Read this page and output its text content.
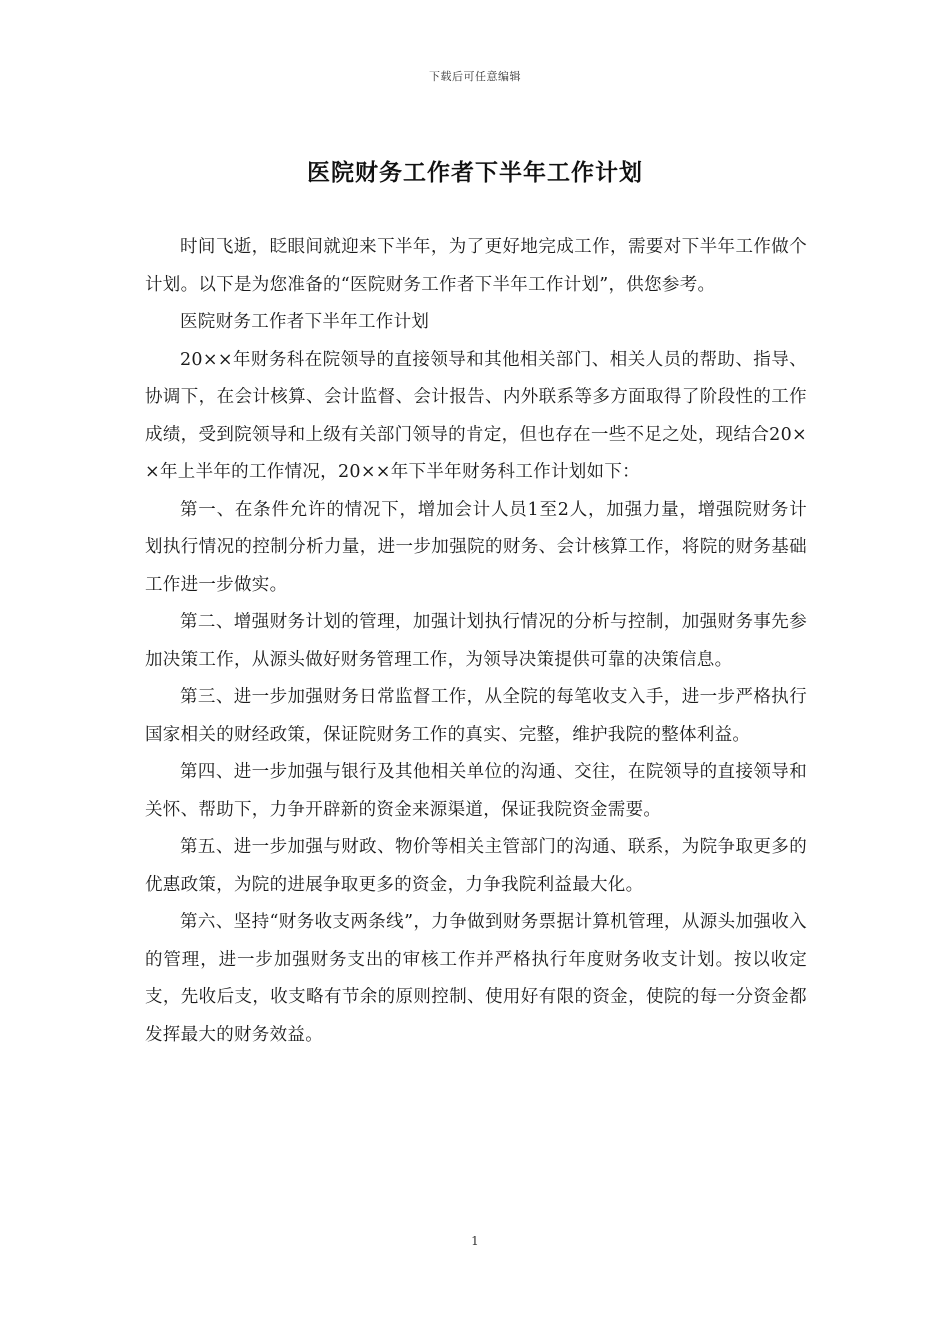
下载后可任意编辑
医院财务工作者下半年工作计划

时间飞逝，眨眼间就迎来下半年，为了更好地完成工作，需要对下半年工作做个计划。以下是为您准备的“医院财务工作者下半年工作计划”，供您参考。

医院财务工作者下半年工作计划

20××年财务科在院领导的直接领导和其他相关部门、相关人员的帮助、指导、协调下，在会计核算、会计监督、会计报告、内外联系等多方面取得了阶段性的工作成绩，受到院领导和上级有关部门领导的肯定，但也存在一些不足之处，现结合20××年上半年的工作情况，20××年下半年财务科工作计划如下：

第一、在条件允许的情况下，增加会计人员1至2人，加强力量，增强院财务计划执行情况的控制分析力量，进一步加强院的财务、会计核算工作，将院的财务基础工作进一步做实。

第二、增强财务计划的管理，加强计划执行情况的分析与控制，加强财务事先参加决策工作，从源头做好财务管理工作，为领导决策提供可靠的决策信息。

第三、进一步加强财务日常监督工作，从全院的每笔收支入手，进一步严格执行国家相关的财经政策，保证院财务工作的真实、完整，维护我院的整体利益。

第四、进一步加强与银行及其他相关单位的沟通、交往，在院领导的直接领导和关怀、帮助下，力争开辟新的资金来源渠道，保证我院资金需要。

第五、进一步加强与财政、物价等相关主管部门的沟通、联系，为院争取更多的优惠政策，为院的进展争取更多的资金，力争我院利益最大化。

第六、坚持“财务收支两条线”，力争做到财务票据计算机管理，从源头加强收入的管理，进一步加强财务支出的审核工作并严格执行年度财务收支计划。按以收定支，先收后支，收支略有节余的原则控制、使用好有限的资金，使院的每一分资金都发挥最大的财务效益。

1
